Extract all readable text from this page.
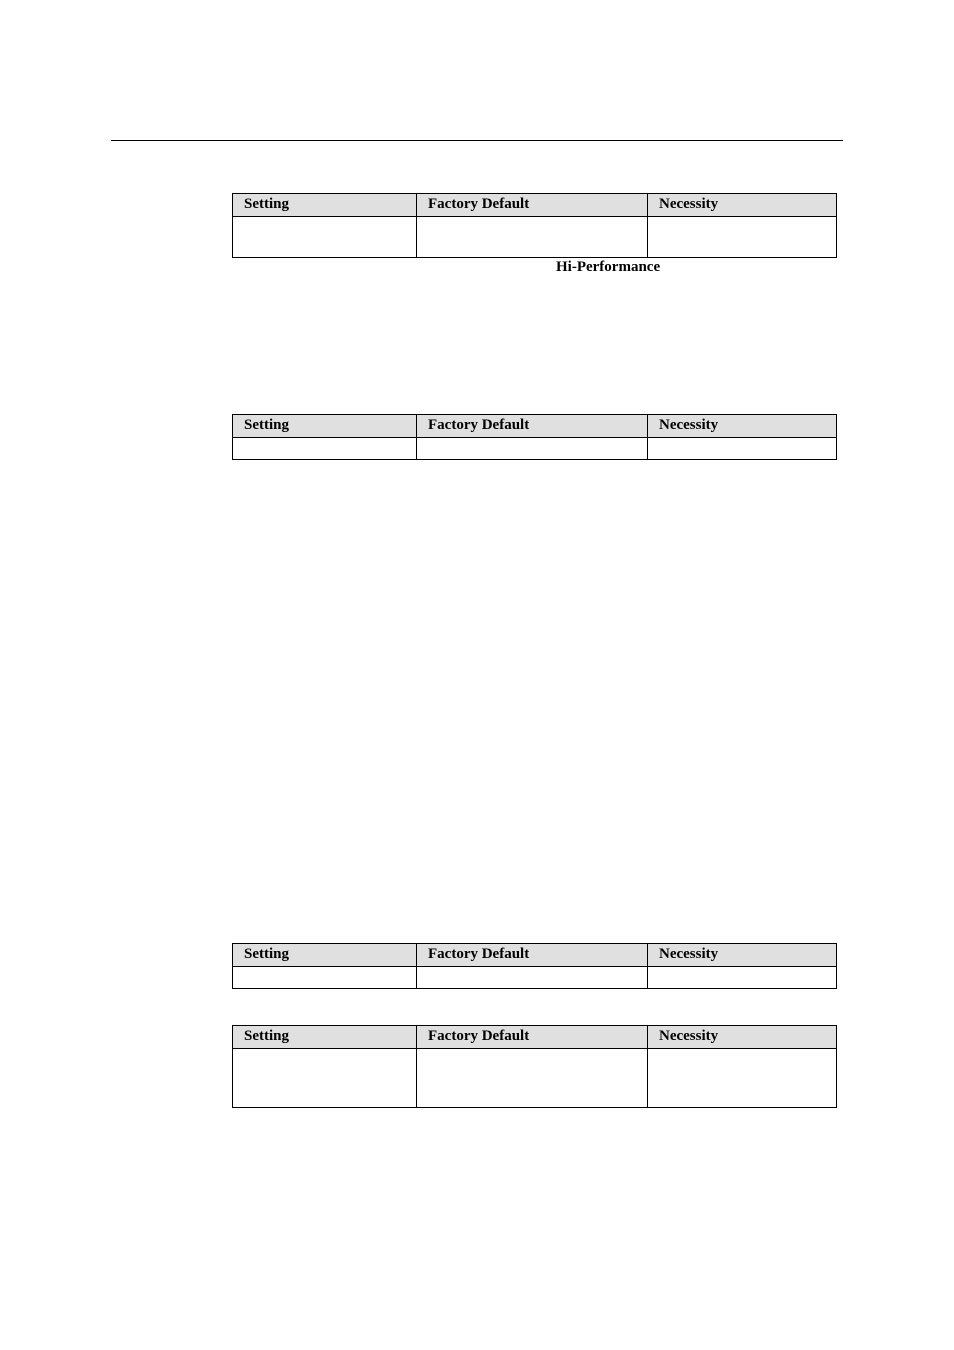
Setting	Factory Default	Necessity

Hi-Performance
Setting	Factory Default	Necessity

Setting	Factory Default	Necessity

Setting	Factory Default	Necessity
